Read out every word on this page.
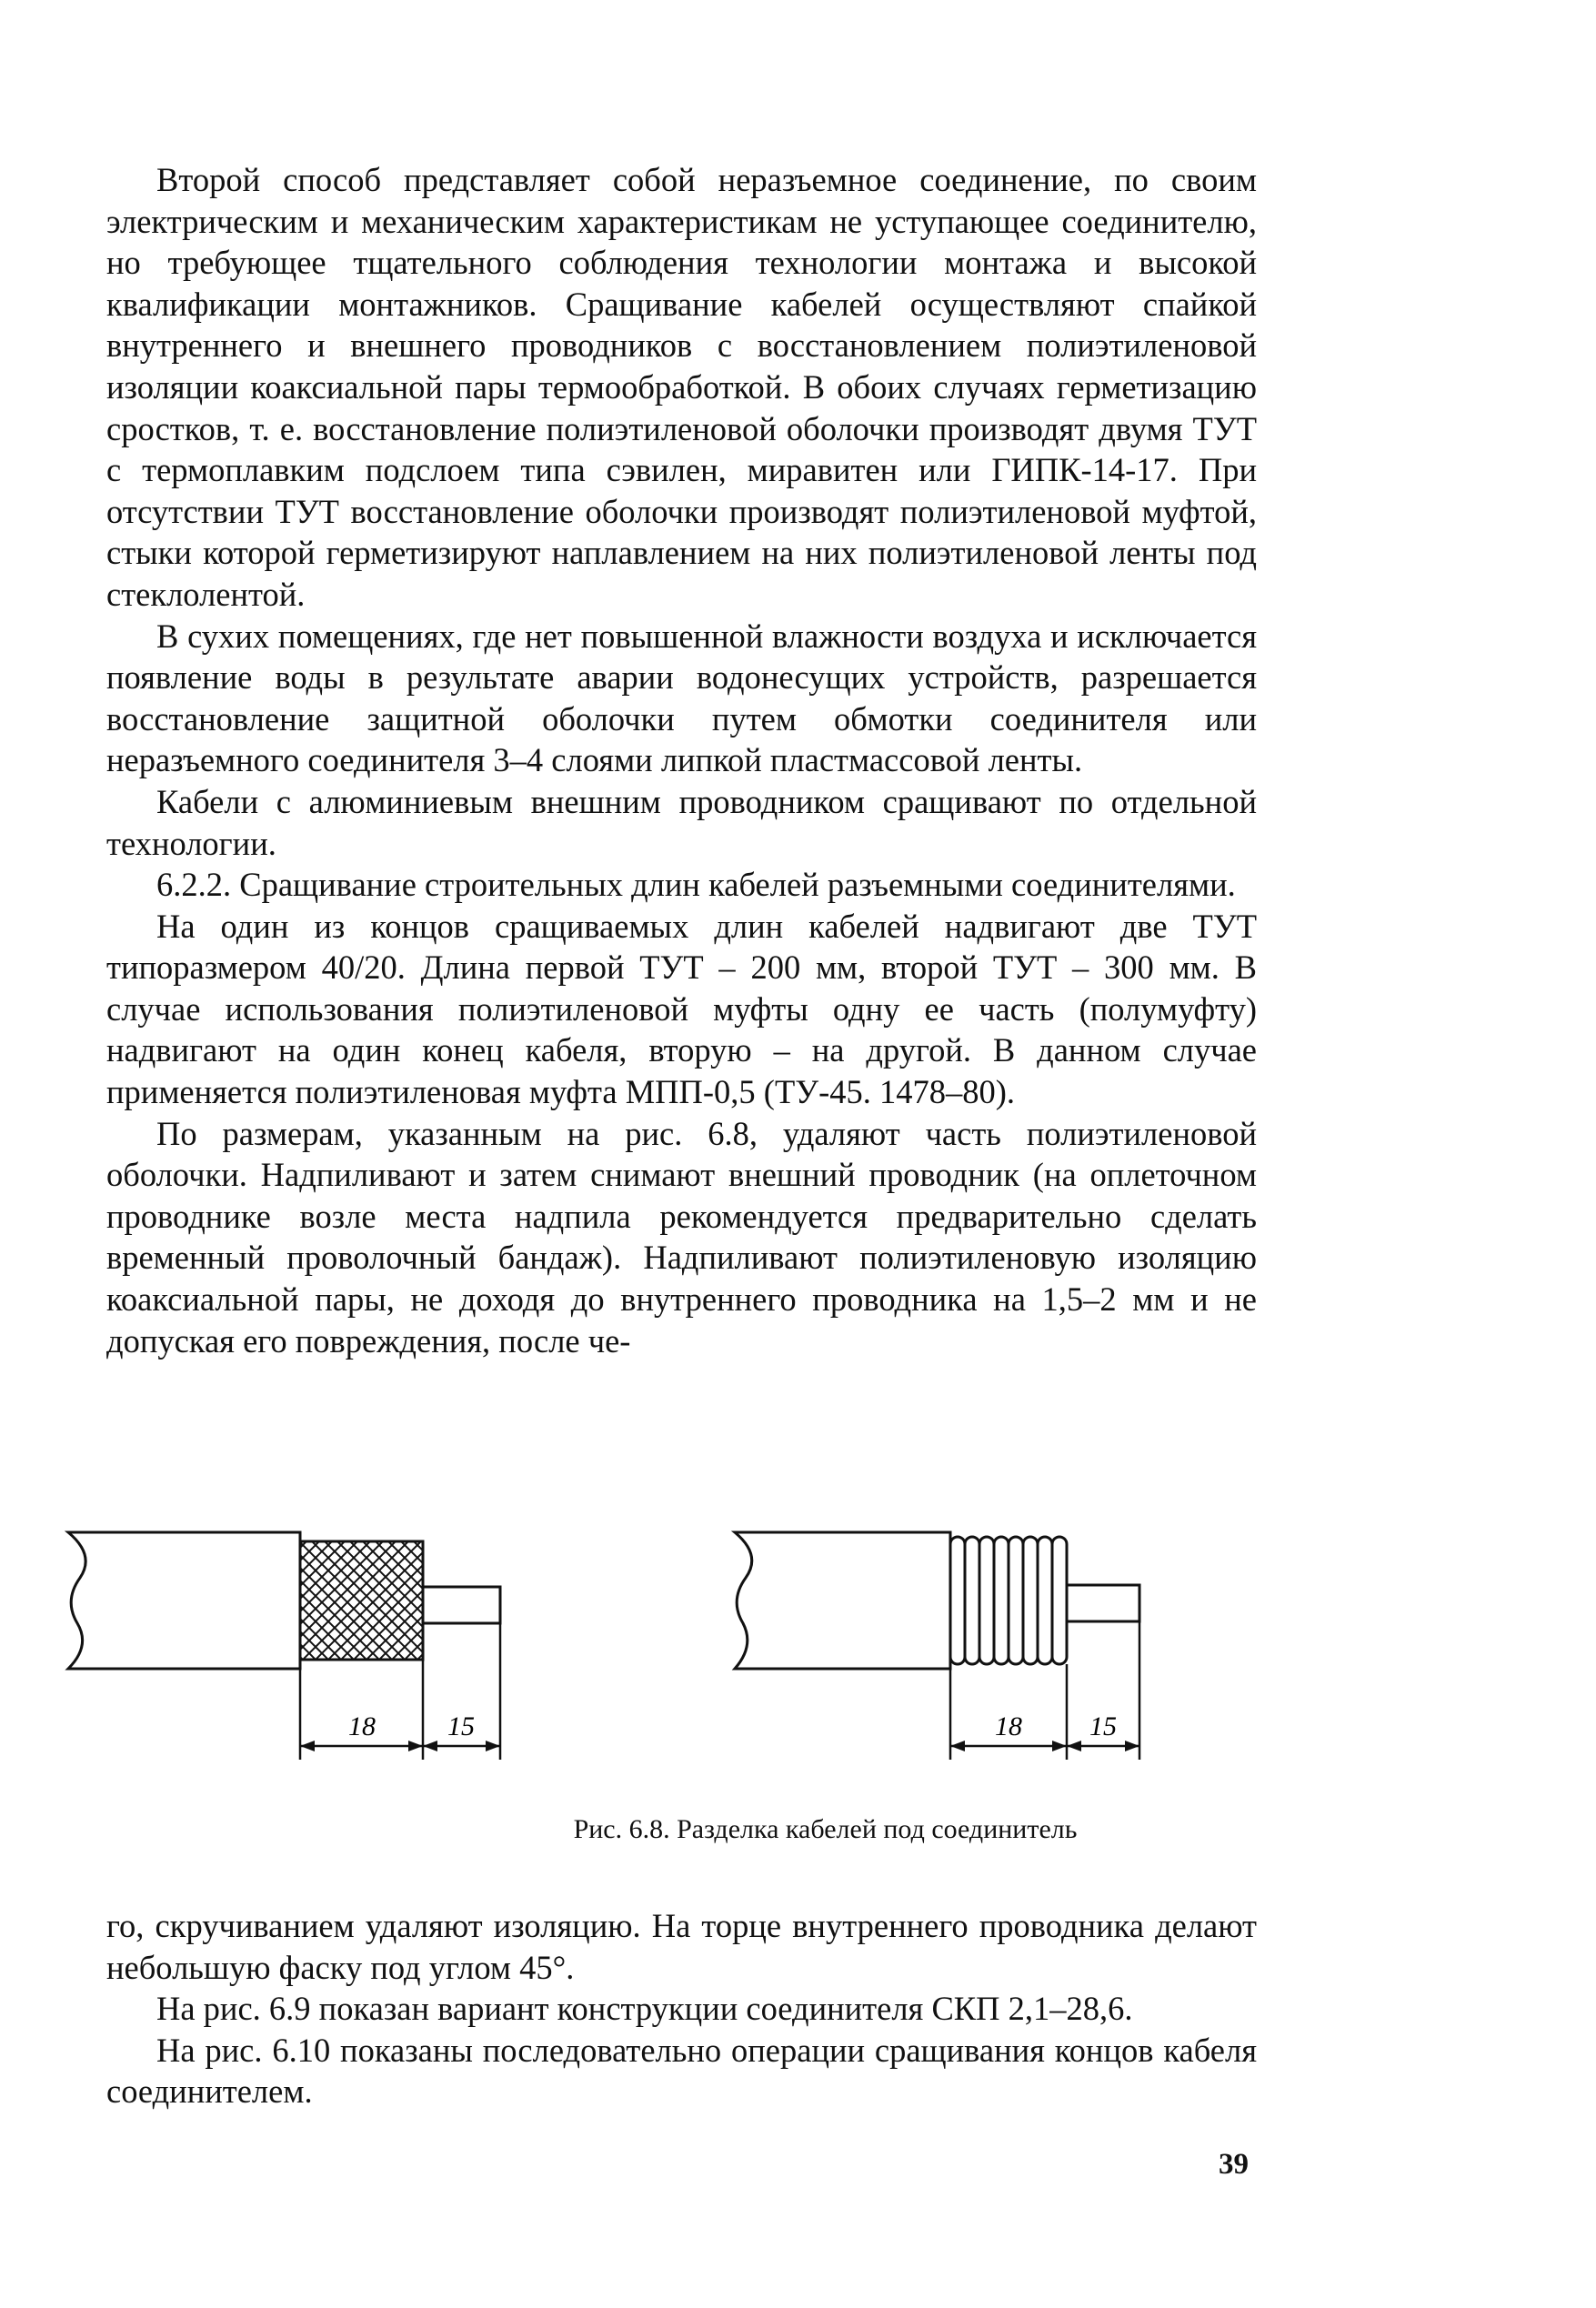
Второй способ представляет собой неразъемное соединение, по своим электрическим и механическим характеристикам не уступающее соединителю, но требующее тщательного соблюдения технологии монтажа и высокой квалификации монтажников. Сращивание кабелей осуществляют спайкой внутреннего и внешнего проводников с восстановлением полиэтиленовой изоляции коаксиальной пары термообработкой. В обоих случаях герметизацию сростков, т. е. восстановление полиэтиленовой оболочки производят двумя ТУТ с термоплавким подслоем типа сэвилен, миравитен или ГИПК-14-17. При отсутствии ТУТ восстановление оболочки производят полиэтиленовой муфтой, стыки которой герметизируют наплавлением на них полиэтиленовой ленты под стеклолентой.

В сухих помещениях, где нет повышенной влажности воздуха и исключается появление воды в результате аварии водонесущих устройств, разрешается восстановление защитной оболочки путем обмотки соединителя или неразъемного соединителя 3–4 слоями липкой пластмассовой ленты.

Кабели с алюминиевым внешним проводником сращивают по отдельной технологии.

6.2.2. Сращивание строительных длин кабелей разъемными соединителями.

На один из концов сращиваемых длин кабелей надвигают две ТУТ типоразмером 40/20. Длина первой ТУТ – 200 мм, второй ТУТ – 300 мм. В случае использования полиэтиленовой муфты одну ее часть (полумуфту) надвигают на один конец кабеля, вторую – на другой. В данном случае применяется полиэтиленовая муфта МПП-0,5 (ТУ-45. 1478–80).

По размерам, указанным на рис. 6.8, удаляют часть полиэтиленовой оболочки. Надпиливают и затем снимают внешний проводник (на оплеточном проводнике возле места надпила рекомендуется предварительно сделать временный проволочный бандаж). Надпиливают полиэтиленовую изоляцию коаксиальной пары, не доходя до внутреннего проводника на 1,5–2 мм и не допуская его повреждения, после че-

18	15	18 15
Рис. 6.8. Разделка кабелей под соединитель

го, скручиванием удаляют изоляцию. На торце внутреннего проводника делают небольшую фаску под углом 45°.

На рис. 6.9 показан вариант конструкции соединителя СКП 2,1–28,6.

На рис. 6.10 показаны последовательно операции сращивания концов кабеля соединителем.

39
